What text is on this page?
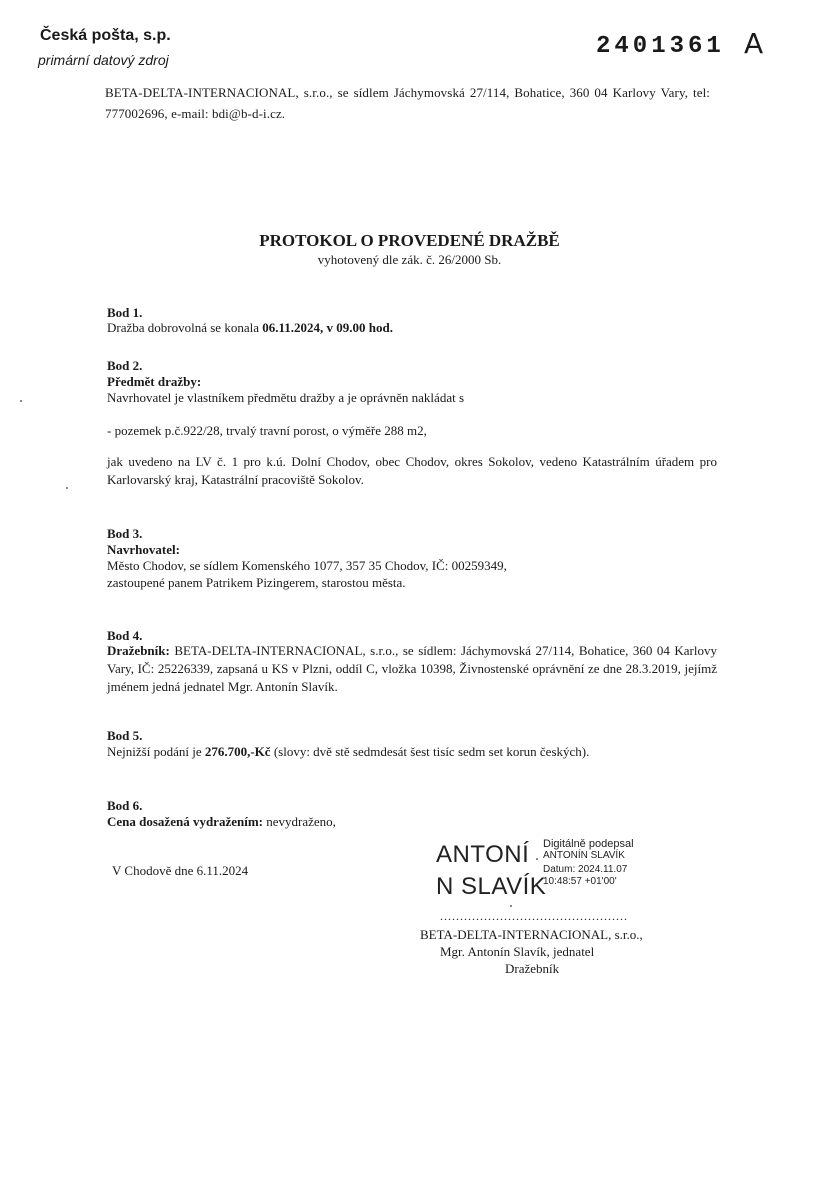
Česká pošta, s.p.
primární datový zdroj	2401361 A
BETA-DELTA-INTERNACIONAL, s.r.o., se sídlem Jáchymovská 27/114, Bohatice, 360 04 Karlovy Vary, tel: 777002696, e-mail: bdi@b-d-i.cz.
PROTOKOL O PROVEDENÉ DRAŽBĚ
vyhotovený dle zák. č. 26/2000 Sb.
Bod 1.
Dražba dobrovolná se konala 06.11.2024, v 09.00 hod.
Bod 2.
Předmět dražby:
Navrhovatel je vlastníkem předmětu dražby a je oprávněn nakládat s
- pozemek p.č.922/28, trvalý travní porost, o výměře 288 m2,
jak uvedeno na LV č. 1 pro k.ú. Dolní Chodov, obec Chodov, okres Sokolov, vedeno Katastrálním úřadem pro Karlovarský kraj, Katastrální pracoviště Sokolov.
Bod 3.
Navrhovatel:
Město Chodov, se sídlem Komenského 1077, 357 35 Chodov, IČ: 00259349,
zastoupené panem Patrikem Pizingerem, starostou města.
Bod 4.
Dražebník: BETA-DELTA-INTERNACIONAL, s.r.o., se sídlem: Jáchymovská 27/114, Bohatice, 360 04 Karlovy Vary, IČ: 25226339, zapsaná u KS v Plzni, oddíl C, vložka 10398, Živnostenské oprávnění ze dne 28.3.2019, jejímž jménem jedná jednatel Mgr. Antonín Slavík.
Bod 5.
Nejnižší podání je 276.700,-Kč (slovy: dvě stě sedmdesát šest tisíc sedm set korun českých).
Bod 6.
Cena dosažená vydražením: nevydraženo,
V Chodově dne 6.11.2024
ANTONÍ
N SLAVÍK
Digitálně podepsal
ANTONÍN SLAVÍK
Datum: 2024.11.07
10:48:57 +01'00'
...............................................
BETA-DELTA-INTERNACIONAL, s.r.o.,
Mgr. Antonín Slavík, jednatel
Dražebník
